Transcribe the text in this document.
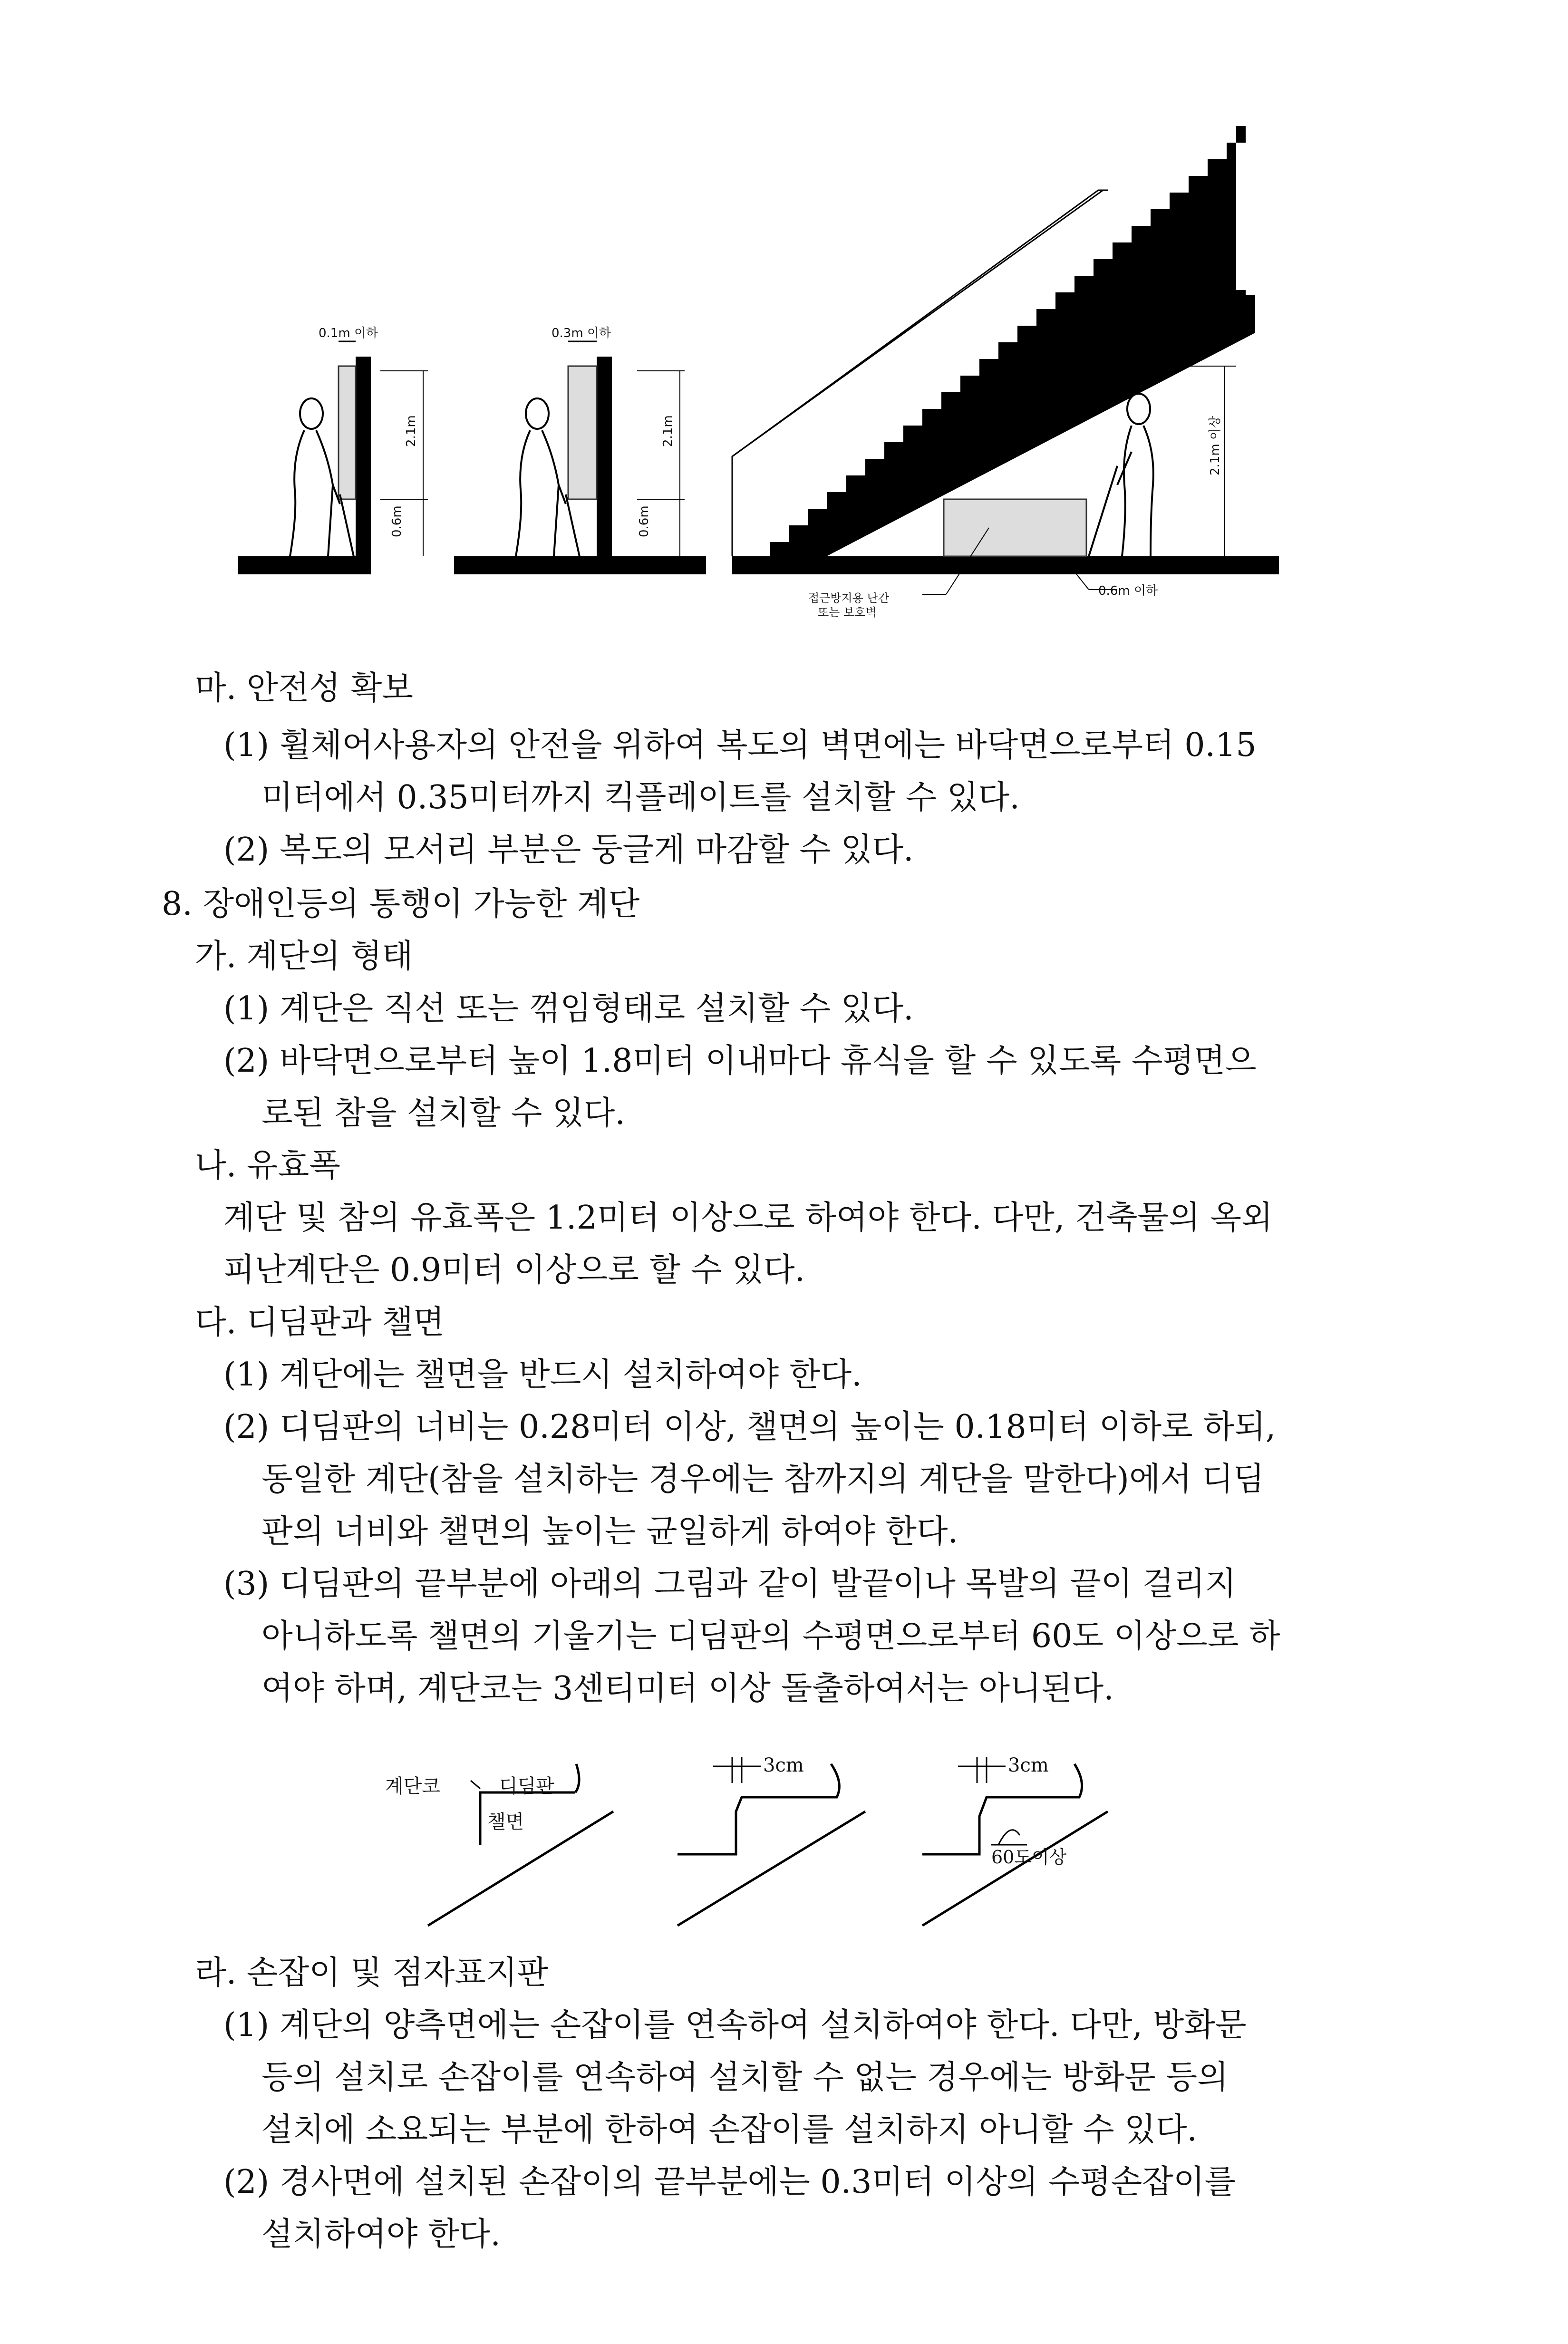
0.1m 이하
2.1m
0.6m
0.3m 이하
2.1m
0.6m
2.1m 이상
접근방지용 난간
또는 보호벽
0.6m 이하
마. 안전성 확보
(1) 휠체어사용자의 안전을 위하여 복도의 벽면에는 바닥면으로부터 0.15
미터에서 0.35미터까지 킥플레이트를 설치할 수 있다.
(2) 복도의 모서리 부분은 둥글게 마감할 수 있다.
8. 장애인등의 통행이 가능한 계단
가. 계단의 형태
(1) 계단은 직선 또는 꺾임형태로 설치할 수 있다.
(2) 바닥면으로부터 높이 1.8미터 이내마다 휴식을 할 수 있도록 수평면으
로된 참을 설치할 수 있다.
나. 유효폭
계단 및 참의 유효폭은 1.2미터 이상으로 하여야 한다. 다만, 건축물의 옥외
피난계단은 0.9미터 이상으로 할 수 있다.
다. 디딤판과 챌면
(1) 계단에는 챌면을 반드시 설치하여야 한다.
(2) 디딤판의 너비는 0.28미터 이상, 챌면의 높이는 0.18미터 이하로 하되,
동일한 계단(참을 설치하는 경우에는 참까지의 계단을 말한다)에서 디딤
판의 너비와 챌면의 높이는 균일하게 하여야 한다.
(3) 디딤판의 끝부분에 아래의 그림과 같이 발끝이나 목발의 끝이 걸리지
아니하도록 챌면의 기울기는 디딤판의 수평면으로부터 60도 이상으로 하
여야 하며, 계단코는 3센티미터 이상 돌출하여서는 아니된다.
계단코	디딤판
챌면
3cm	3cm
60도이상
라. 손잡이 및 점자표지판
(1) 계단의 양측면에는 손잡이를 연속하여 설치하여야 한다. 다만, 방화문
등의 설치로 손잡이를 연속하여 설치할 수 없는 경우에는 방화문 등의
설치에 소요되는 부분에 한하여 손잡이를 설치하지 아니할 수 있다.
(2) 경사면에 설치된 손잡이의 끝부분에는 0.3미터 이상의 수평손잡이를
설치하여야 한다.
